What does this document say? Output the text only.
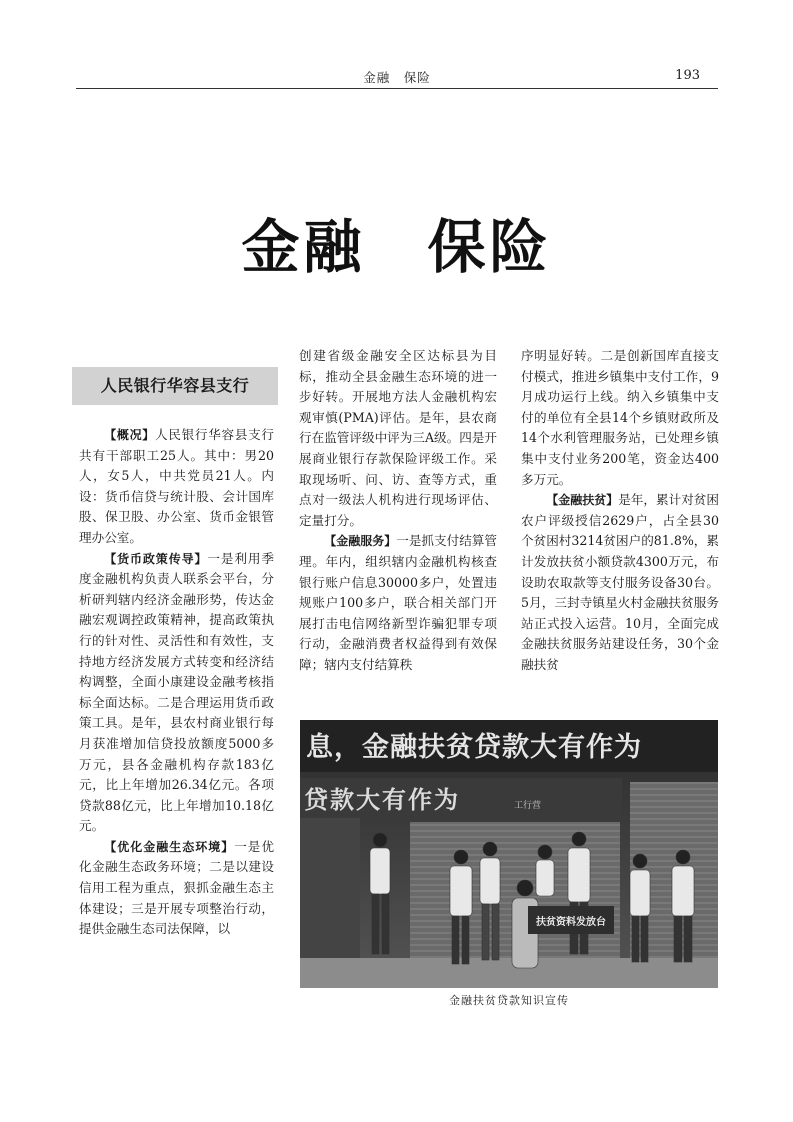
金融　保险	193
金融　保险
人民银行华容县支行

【概况】人民银行华容县支行共有干部职工25人。其中：男20人，女5人，中共党员21人。内设：货币信贷与统计股、会计国库股、保卫股、办公室、货币金银管理办公室。

【货币政策传导】一是利用季度金融机构负责人联系会平台，分析研判辖内经济金融形势，传达金融宏观调控政策精神，提高政策执行的针对性、灵活性和有效性，支持地方经济发展方式转变和经济结构调整，全面小康建设金融考核指标全面达标。二是合理运用货币政策工具。是年，县农村商业银行每月获准增加信贷投放额度5000多万元，县各金融机构存款183亿元，比上年增加26.34亿元。各项贷款88亿元，比上年增加10.18亿元。

【优化金融生态环境】一是优化金融生态政务环境；二是以建设信用工程为重点，狠抓金融生态主体建设；三是开展专项整治行动，提供金融生态司法保障，以

创建省级金融安全区达标县为目标，推动全县金融生态环境的进一步好转。开展地方法人金融机构宏观审慎(PMA)评估。是年，县农商行在监管评级中评为三A级。四是开展商业银行存款保险评级工作。采取现场听、问、访、查等方式，重点对一级法人机构进行现场评估、定量打分。

【金融服务】一是抓支付结算管理。年内，组织辖内金融机构核查银行账户信息30000多户，处置违规账户100多户，联合相关部门开展打击电信网络新型诈骗犯罪专项行动，金融消费者权益得到有效保障；辖内支付结算秩

序明显好转。二是创新国库直接支付模式，推进乡镇集中支付工作，9月成功运行上线。纳入乡镇集中支付的单位有全县14个乡镇财政所及14个水利管理服务站，已处理乡镇集中支付业务200笔，资金达400多万元。

【金融扶贫】是年，累计对贫困农户评级授信2629户，占全县30个贫困村3214贫困户的81.8%，累计发放扶贫小额贷款4300万元，布设助农取款等支付服务设备30台。5月，三封寺镇星火村金融扶贫服务站正式投入运营。10月，全面完成金融扶贫服务站建设任务，30个金融扶贫

息，金融扶贫贷款大有作为
贷款大有作为	工行营
扶贫资料发放台
金融扶贫贷款知识宣传
